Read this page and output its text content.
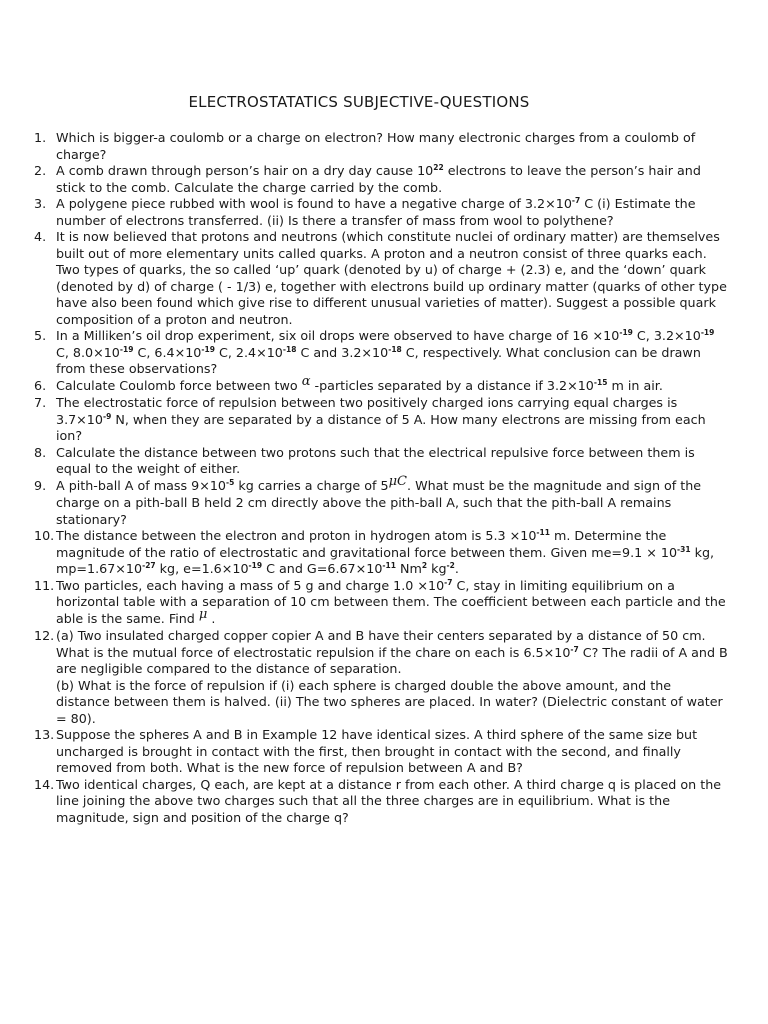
ELECTROSTATATICS SUBJECTIVE-QUESTIONS
1. Which is bigger-a coulomb or a charge on electron? How many electronic charges from a coulomb of charge?
2. A comb drawn through person’s hair on a dry day cause $10^{22}$ electrons to leave the person’s hair and stick to the comb. Calculate the charge carried by the comb.
3. A polygene piece rubbed with wool is found to have a negative charge of $3.2\times 10^{-7}$ C (i) Estimate the number of electrons transferred. (ii) Is there a transfer of mass from wool to polythene?
4. It is now believed that protons and neutrons (which constitute nuclei of ordinary matter) are themselves built out of more elementary units called quarks. A proton and a neutron consist of three quarks each. Two types of quarks, the so called ‘up’ quark (denoted by u) of charge + (2.3) e, and the ‘down’ quark (denoted by d) of charge ( - 1/3) e, together with electrons build up ordinary matter (quarks of other type have also been found which give rise to different unusual varieties of matter). Suggest a possible quark composition of a proton and neutron.
5. In a Milliken’s oil drop experiment, six oil drops were observed to have charge of $16 \times 10^{-19}$ C, $3.2\times 10^{-19}$ C, $8.0\times 10^{-19}$ C, $6.4\times 10^{-19}$ C, $2.4\times 10^{-18}$ C and $3.2\times 10^{-18}$ C, respectively. What conclusion can be drawn from these observations?
6. Calculate Coulomb force between two α -particles separated by a distance if $3.2\times 10^{-15}$ m in air.
7. The electrostatic force of repulsion between two positively charged ions carrying equal charges is $3.7\times 10^{-9}$ N, when they are separated by a distance of 5 A. How many electrons are missing from each ion?
8. Calculate the distance between two protons such that the electrical repulsive force between them is equal to the weight of either.
9. A pith-ball A of mass $9\times 10^{-5}$ kg carries a charge of 5μC. What must be the magnitude and sign of the charge on a pith-ball B held 2 cm directly above the pith-ball A, such that the pith-ball A remains stationary?
10. The distance between the electron and proton in hydrogen atom is $5.3 \times 10^{-11}$ m. Determine the magnitude of the ratio of electrostatic and gravitational force between them. Given $me=9.1 \times 10^{-31}$ kg, $mp=1.67\times 10^{-27}$ kg, $e=1.6\times 10^{-19}$ C and $G=6.67\times 10^{-11}$ Nm$^2$ $kg^{-2}$.
11. Two particles, each having a mass of 5 g and charge $1.0 \times 10^{-7}$ C, stay in limiting equilibrium on a horizontal table with a separation of 10 cm between them. The coefficient between each particle and the able is the same. Find μ .
12. (a) Two insulated charged copper copier A and B have their centers separated by a distance of 50 cm. What is the mutual force of electrostatic repulsion if the chare on each is $6.5\times 10^{-7}$ C? The radii of A and B are negligible compared to the distance of separation.
(b) What is the force of repulsion if (i) each sphere is charged double the above amount, and the distance between them is halved. (ii) The two spheres are placed. In water? (Dielectric constant of water = 80).
13. Suppose the spheres A and B in Example 12 have identical sizes. A third sphere of the same size but uncharged is brought in contact with the first, then brought in contact with the second, and finally removed from both. What is the new force of repulsion between A and B?
14. Two identical charges, Q each, are kept at a distance r from each other. A third charge q is placed on the line joining the above two charges such that all the three charges are in equilibrium. What is the magnitude, sign and position of the charge q?
